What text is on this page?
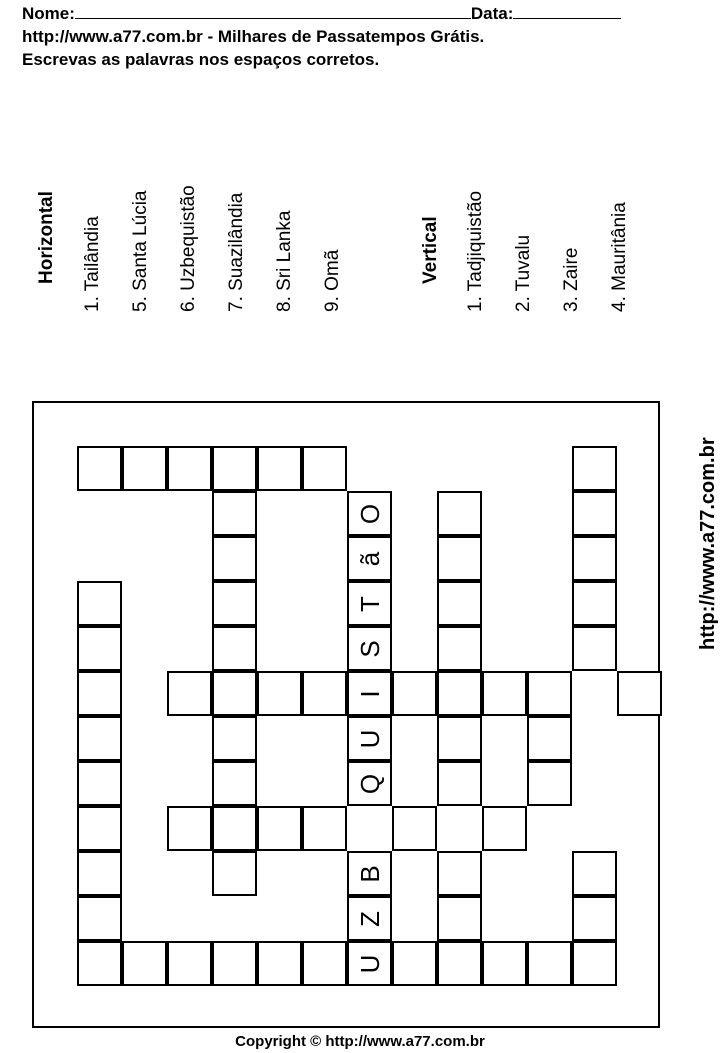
Nome:	Data:
http://www.a77.com.br - Milhares de Passatempos Grátis.
Escrevas as palavras nos espaços corretos.
Horizontal 1. Tailândia 5. Santa Lúcia 6. Uzbequistão 7. Suazilândia 8. Sri Lanka 9. Omã	Vertical 1. Tadjiquistão 2. Tuvalu 3. Zaire 4. Mauritânia
O
ã
T
S
I
U
Q
B
Z
U
http://www.a77.com.br
Copyright © http://www.a77.com.br
